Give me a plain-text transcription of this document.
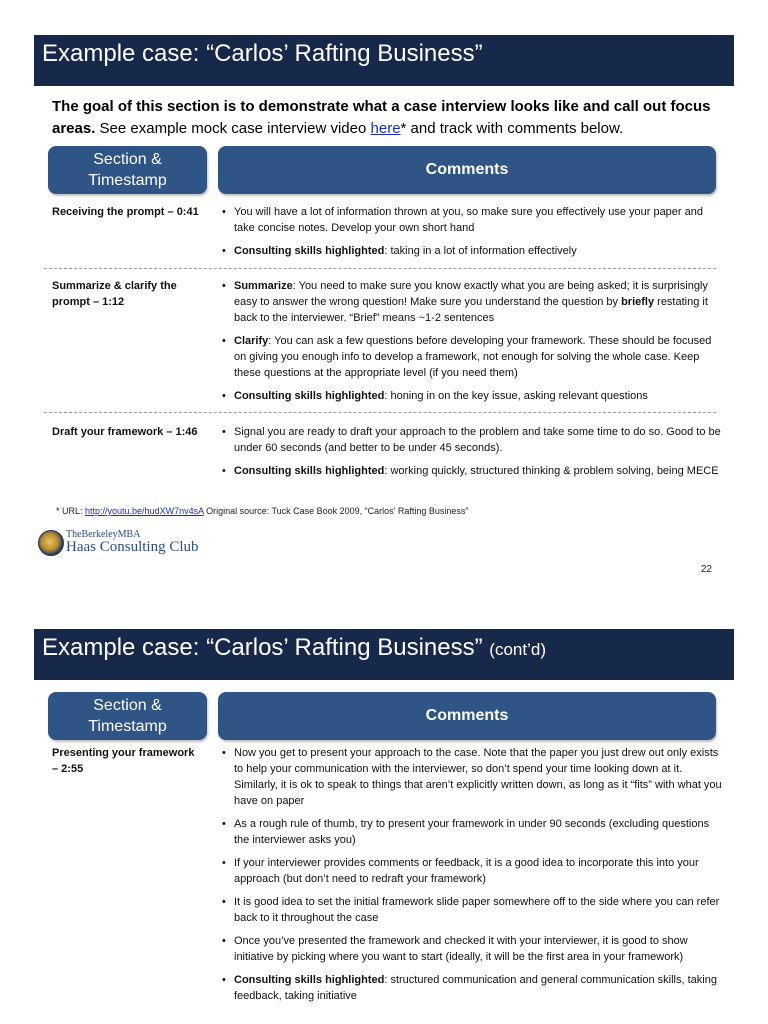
Example case: “Carlos’ Rafting Business”

The goal of this section is to demonstrate what a case interview looks like and call out focus areas. See example mock case interview video here* and track with comments below.

Section &
Timestamp
Comments
Receiving the prompt – 0:41	• You will have a lot of information thrown at you, so make sure you effectively use your paper and take concise notes. Develop your own short hand
• Consulting skills highlighted: taking in a lot of information effectively
Summarize & clarify the prompt – 1:12
• Summarize: You need to make sure you know exactly what you are being asked; it is surprisingly easy to answer the wrong question! Make sure you understand the question by briefly restating it back to the interviewer. “Brief” means ~1-2 sentences
• Clarify: You can ask a few questions before developing your framework. These should be focused on giving you enough info to develop a framework, not enough for solving the whole case. Keep these questions at the appropriate level (if you need them)
• Consulting skills highlighted: honing in on the key issue, asking relevant questions
Draft your framework – 1:46	• Signal you are ready to draft your approach to the problem and take some time to do so. Good to be under 60 seconds (and better to be under 45 seconds).
• Consulting skills highlighted: working quickly, structured thinking & problem solving, being MECE
* URL: http://youtu.be/hudXW7nv4sA Original source: Tuck Case Book 2009, “Carlos’ Rafting Business”
TheBerkeleyMBA
Haas Consulting Club
22
Example case: “Carlos’ Rafting Business” (cont’d)
Section &
Timestamp
Comments
Presenting your framework – 2:55
• Now you get to present your approach to the case. Note that the paper you just drew out only exists to help your communication with the interviewer, so don’t spend your time looking down at it. Similarly, it is ok to speak to things that aren’t explicitly written down, as long as it “fits” with what you have on paper
• As a rough rule of thumb, try to present your framework in under 90 seconds (excluding questions the interviewer asks you)
• If your interviewer provides comments or feedback, it is a good idea to incorporate this into your approach (but don’t need to redraft your framework)
• It is good idea to set the initial framework slide paper somewhere off to the side where you can refer back to it throughout the case
• Once you’ve presented the framework and checked it with your interviewer, it is good to show initiative by picking where you want to start (ideally, it will be the first area in your framework)
• Consulting skills highlighted: structured communication and general communication skills, taking feedback, taking initiative
